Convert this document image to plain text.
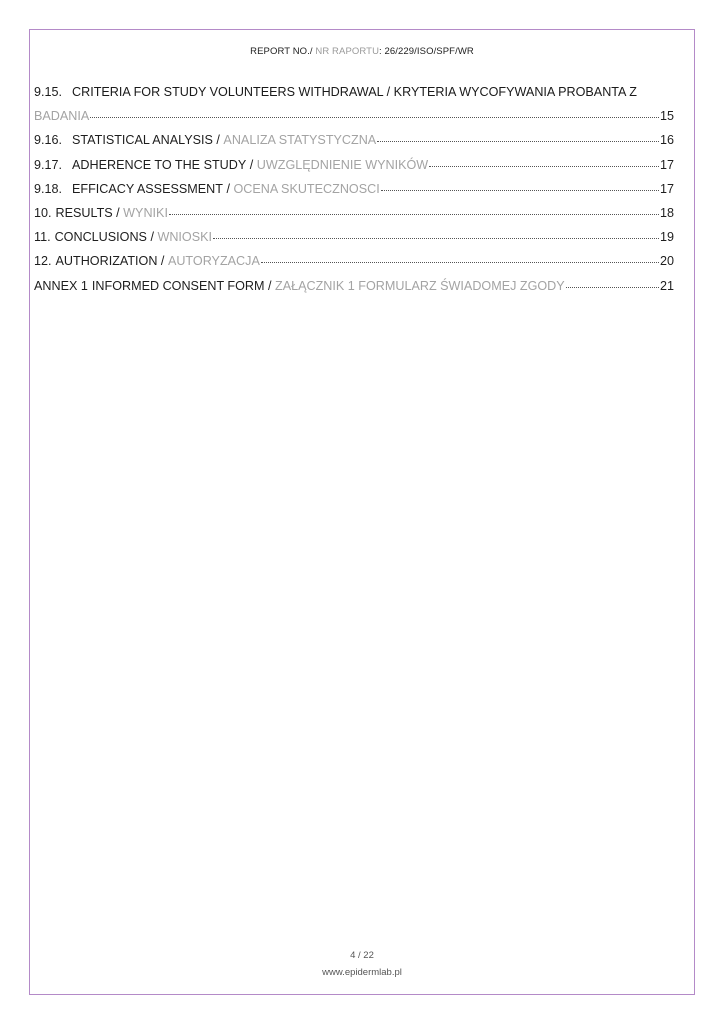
REPORT NO./ NR RAPORTU: 26/229/ISO/SPF/WR
9.15. CRITERIA FOR STUDY VOLUNTEERS WITHDRAWAL / KRYTERIA WYCOFYWANIA PROBANTA Z
BADANIA	15
9.16. STATISTICAL ANALYSIS / ANALIZA STATYSTYCZNA	16
9.17. ADHERENCE TO THE STUDY / UWZGLĘDNIENIE WYNIKÓW	17
9.18. EFFICACY ASSESSMENT / OCENA SKUTECZNOSCI	17
10. RESULTS / WYNIKI	18
11. CONCLUSIONS / WNIOSKI	19
12. AUTHORIZATION / AUTORYZACJA	20
ANNEX 1 INFORMED CONSENT FORM / ZAŁĄCZNIK 1 FORMULARZ ŚWIADOMEJ ZGODY	21
4 / 22
www.epidermlab.pl
